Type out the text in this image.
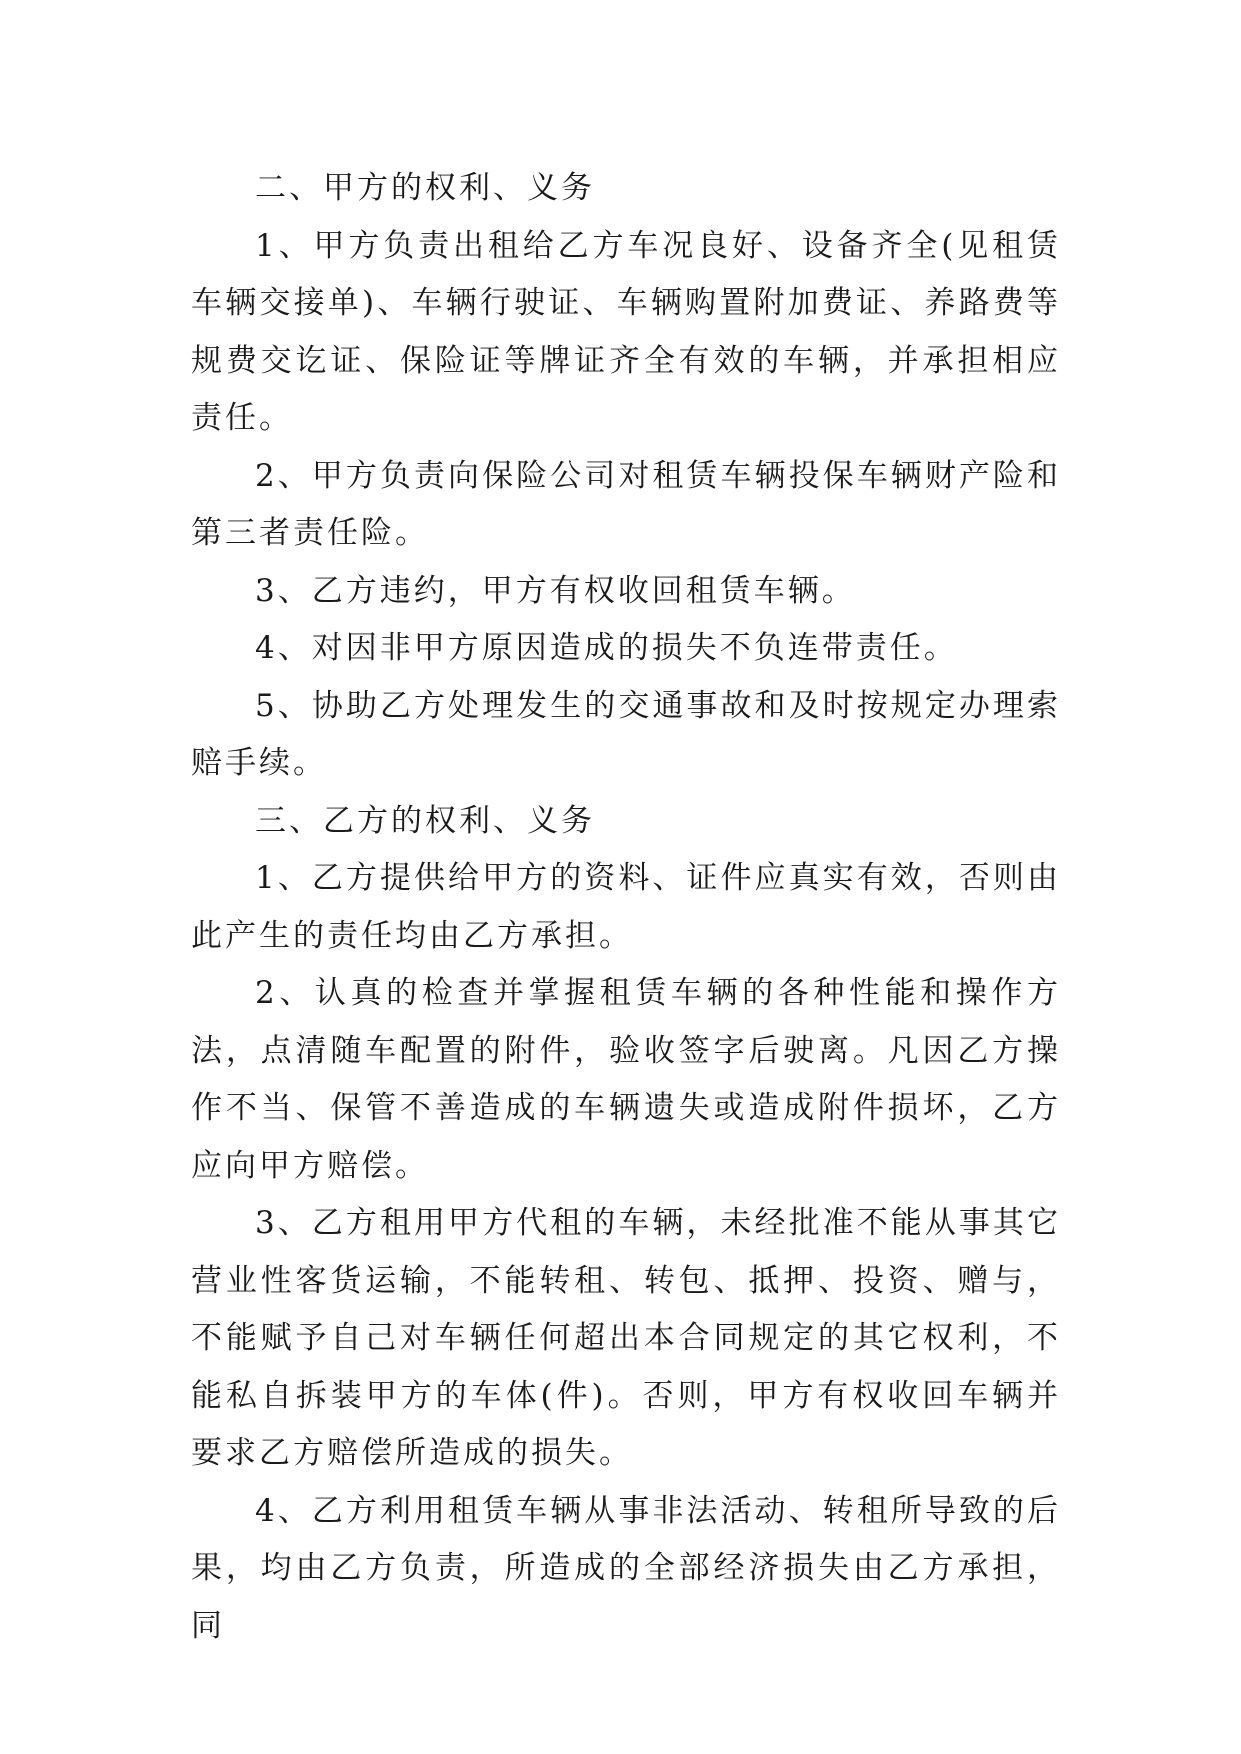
二、甲方的权利、义务

1、甲方负责出租给乙方车况良好、设备齐全(见租赁车辆交接单)、车辆行驶证、车辆购置附加费证、养路费等规费交讫证、保险证等牌证齐全有效的车辆，并承担相应责任。

2、甲方负责向保险公司对租赁车辆投保车辆财产险和第三者责任险。

3、乙方违约，甲方有权收回租赁车辆。

4、对因非甲方原因造成的损失不负连带责任。

5、协助乙方处理发生的交通事故和及时按规定办理索赔手续。

三、乙方的权利、义务

1、乙方提供给甲方的资料、证件应真实有效，否则由此产生的责任均由乙方承担。

2、认真的检查并掌握租赁车辆的各种性能和操作方法，点清随车配置的附件，验收签字后驶离。凡因乙方操作不当、保管不善造成的车辆遗失或造成附件损坏，乙方应向甲方赔偿。

3、乙方租用甲方代租的车辆，未经批准不能从事其它营业性客货运输，不能转租、转包、抵押、投资、赠与，不能赋予自己对车辆任何超出本合同规定的其它权利，不能私自拆装甲方的车体(件)。否则，甲方有权收回车辆并要求乙方赔偿所造成的损失。

4、乙方利用租赁车辆从事非法活动、转租所导致的后果，均由乙方负责，所造成的全部经济损失由乙方承担，同
